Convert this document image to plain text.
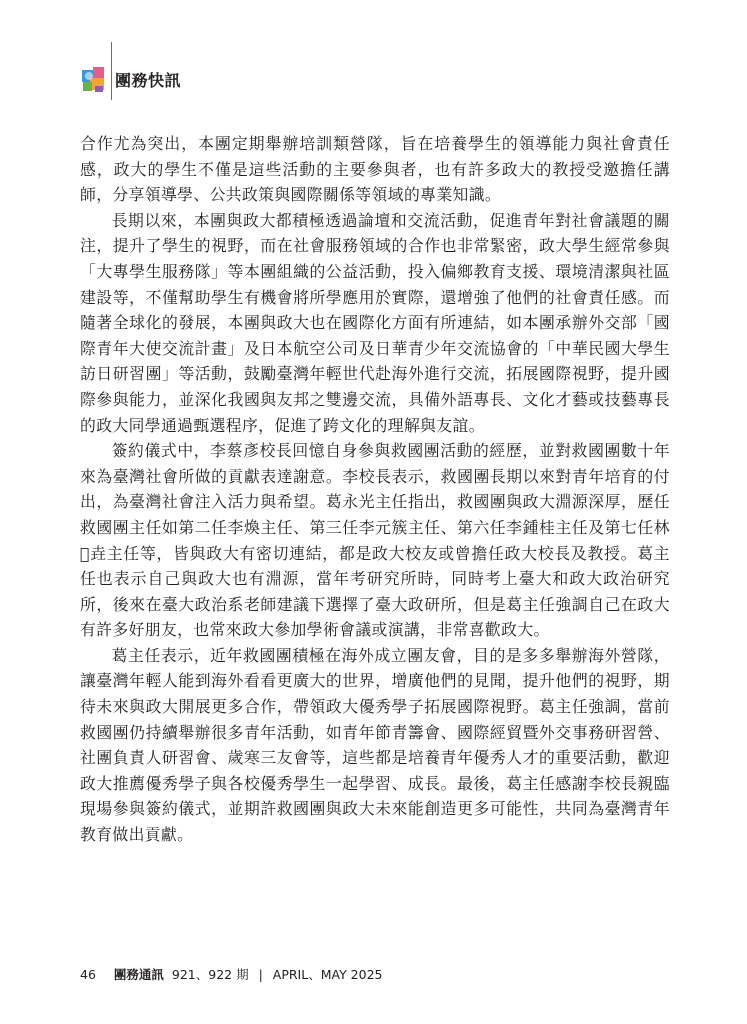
團務快訊

合作尤為突出，本團定期舉辦培訓類營隊，旨在培養學生的領導能力與社會責任感，政大的學生不僅是這些活動的主要參與者，也有許多政大的教授受邀擔任講師，分享領導學、公共政策與國際關係等領域的專業知識。

長期以來，本團與政大都積極透過論壇和交流活動，促進青年對社會議題的關注，提升了學生的視野，而在社會服務領域的合作也非常緊密，政大學生經常參與「大專學生服務隊」等本團組織的公益活動，投入偏鄉教育支援、環境清潔與社區建設等，不僅幫助學生有機會將所學應用於實際，還增強了他們的社會責任感。而隨著全球化的發展，本團與政大也在國際化方面有所連結，如本團承辦外交部「國際青年大使交流計畫」及日本航空公司及日華青少年交流協會的「中華民國大學生訪日研習團」等活動，鼓勵臺灣年輕世代赴海外進行交流，拓展國際視野，提升國際參與能力，並深化我國與友邦之雙邊交流，具備外語專長、文化才藝或技藝專長的政大同學通過甄選程序，促進了跨文化的理解與友誼。

簽約儀式中，李蔡彥校長回憶自身參與救國團活動的經歷，並對救國團數十年來為臺灣社會所做的貢獻表達謝意。李校長表示，救國團長期以來對青年培育的付出，為臺灣社會注入活力與希望。葛永光主任指出，救國團與政大淵源深厚，歷任救國團主任如第二任李煥主任、第三任李元簇主任、第六任李鍾桂主任及第七任林𤈇垚主任等，皆與政大有密切連結，都是政大校友或曾擔任政大校長及教授。葛主任也表示自己與政大也有淵源，當年考研究所時，同時考上臺大和政大政治研究所，後來在臺大政治系老師建議下選擇了臺大政研所，但是葛主任強調自己在政大有許多好朋友，也常來政大參加學術會議或演講，非常喜歡政大。

葛主任表示，近年救國團積極在海外成立團友會，目的是多多舉辦海外營隊，讓臺灣年輕人能到海外看看更廣大的世界，增廣他們的見聞，提升他們的視野，期待未來與政大開展更多合作，帶領政大優秀學子拓展國際視野。葛主任強調，當前救國團仍持續舉辦很多青年活動，如青年節青籌會、國際經貿暨外交事務研習營、社團負責人研習會、歲寒三友會等，這些都是培養青年優秀人才的重要活動，歡迎政大推薦優秀學子與各校優秀學生一起學習、成長。最後，葛主任感謝李校長親臨現場參與簽約儀式，並期許救國團與政大未來能創造更多可能性，共同為臺灣青年教育做出貢獻。

46 團務通訊 921、922 期 | APRIL、MAY 2025
